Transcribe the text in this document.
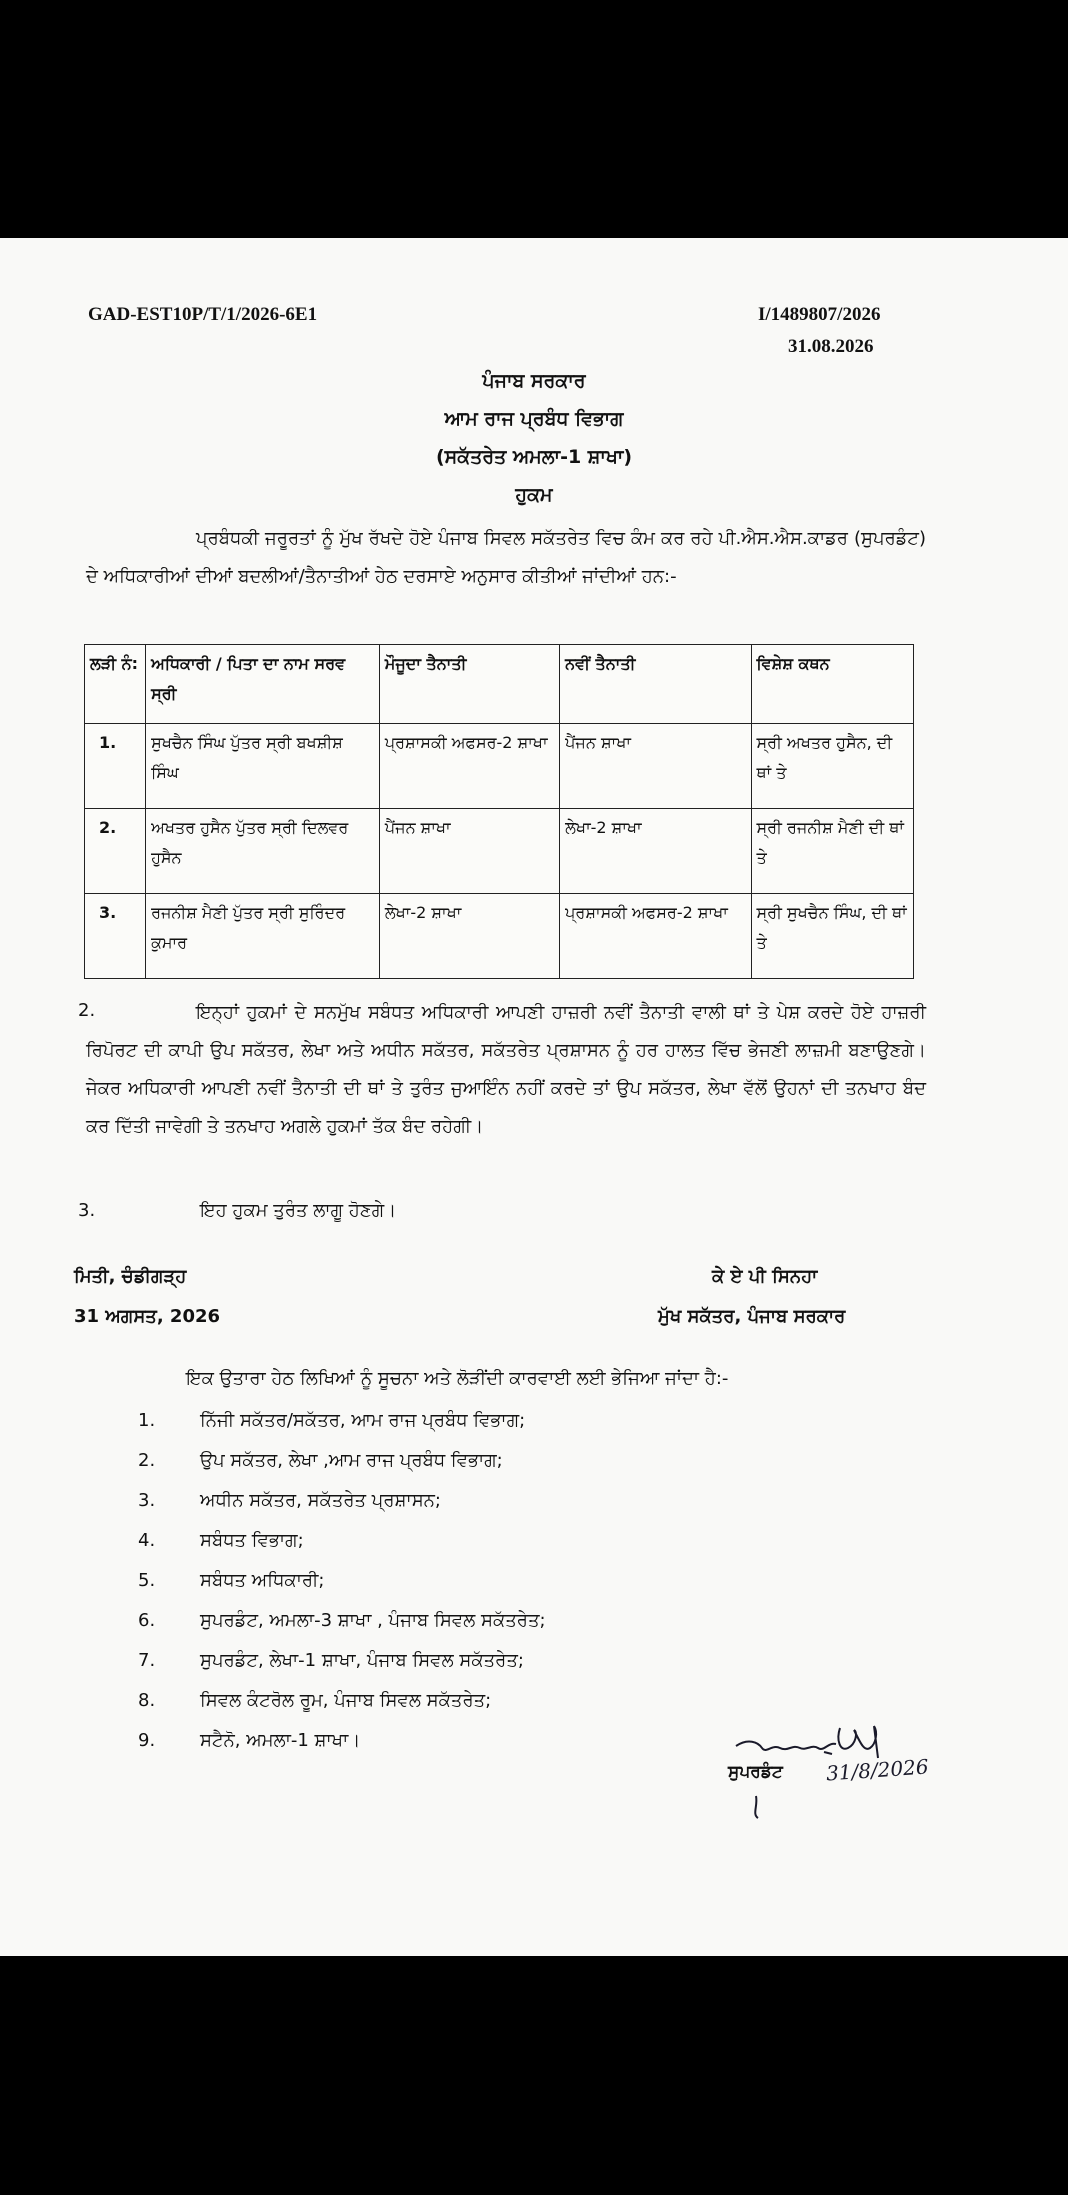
GAD-EST10P/T/1/2026-6E1	I/1489807/2026
31.08.2026
ਪੰਜਾਬ ਸਰਕਾਰ
ਆਮ ਰਾਜ ਪ੍ਰਬੰਧ ਵਿਭਾਗ
(ਸਕੱਤਰੇਤ ਅਮਲਾ-1 ਸ਼ਾਖਾ)
ਹੁਕਮ
ਪ੍ਰਬੰਧਕੀ ਜਰੂਰਤਾਂ ਨੂੰ ਮੁੱਖ ਰੱਖਦੇ ਹੋਏ ਪੰਜਾਬ ਸਿਵਲ ਸਕੱਤਰੇਤ ਵਿਚ ਕੰਮ ਕਰ ਰਹੇ ਪੀ.ਐਸ.ਐਸ.ਕਾਡਰ (ਸੁਪਰਡੰਟ) ਦੇ ਅਧਿਕਾਰੀਆਂ ਦੀਆਂ ਬਦਲੀਆਂ/ਤੈਨਾਤੀਆਂ ਹੇਠ ਦਰਸਾਏ ਅਨੁਸਾਰ ਕੀਤੀਆਂ ਜਾਂਦੀਆਂ ਹਨ:-
ਲੜੀ ਨੰ:	ਅਧਿਕਾਰੀ / ਪਿਤਾ ਦਾ ਨਾਮ ਸਰਵ ਸ੍ਰੀ	ਮੌਜੂਦਾ ਤੈਨਾਤੀ	ਨਵੀਂ ਤੈਨਾਤੀ	ਵਿਸ਼ੇਸ਼ ਕਥਨ
1.	ਸੁਖਚੈਨ ਸਿੰਘ ਪੁੱਤਰ ਸ੍ਰੀ ਬਖਸ਼ੀਸ਼ ਸਿੰਘ	ਪ੍ਰਸ਼ਾਸਕੀ ਅਫਸਰ-2 ਸ਼ਾਖਾ	ਪੈਂਜਨ ਸ਼ਾਖਾ	ਸ੍ਰੀ ਅਖਤਰ ਹੁਸੈਨ, ਦੀ ਥਾਂ ਤੇ
2.	ਅਖਤਰ ਹੁਸੈਨ ਪੁੱਤਰ ਸ੍ਰੀ ਦਿਲਵਰ ਹੁਸੈਨ	ਪੈਂਜਨ ਸ਼ਾਖਾ	ਲੇਖਾ-2 ਸ਼ਾਖਾ	ਸ੍ਰੀ ਰਜਨੀਸ਼ ਮੈਣੀ ਦੀ ਥਾਂ ਤੇ
3.	ਰਜਨੀਸ਼ ਮੈਣੀ ਪੁੱਤਰ ਸ੍ਰੀ ਸੁਰਿੰਦਰ ਕੁਮਾਰ	ਲੇਖਾ-2 ਸ਼ਾਖਾ	ਪ੍ਰਸ਼ਾਸਕੀ ਅਫਸਰ-2 ਸ਼ਾਖਾ	ਸ੍ਰੀ ਸੁਖਚੈਨ ਸਿੰਘ, ਦੀ ਥਾਂ ਤੇ
2.	ਇਨ੍ਹਾਂ ਹੁਕਮਾਂ ਦੇ ਸਨਮੁੱਖ ਸਬੰਧਤ ਅਧਿਕਾਰੀ ਆਪਣੀ ਹਾਜ਼ਰੀ ਨਵੀਂ ਤੈਨਾਤੀ ਵਾਲੀ ਥਾਂ ਤੇ ਪੇਸ਼ ਕਰਦੇ ਹੋਏ ਹਾਜ਼ਰੀ ਰਿਪੋਰਟ ਦੀ ਕਾਪੀ ਉਪ ਸਕੱਤਰ, ਲੇਖਾ ਅਤੇ ਅਧੀਨ ਸਕੱਤਰ, ਸਕੱਤਰੇਤ ਪ੍ਰਸ਼ਾਸਨ ਨੂੰ ਹਰ ਹਾਲਤ ਵਿੱਚ ਭੇਜਣੀ ਲਾਜ਼ਮੀ ਬਣਾਉਣਗੇ। ਜੇਕਰ ਅਧਿਕਾਰੀ ਆਪਣੀ ਨਵੀਂ ਤੈਨਾਤੀ ਦੀ ਥਾਂ ਤੇ ਤੁਰੰਤ ਜੁਆਇੰਨ ਨਹੀਂ ਕਰਦੇ ਤਾਂ ਉਪ ਸਕੱਤਰ, ਲੇਖਾ ਵੱਲੋਂ ਉਹਨਾਂ ਦੀ ਤਨਖਾਹ ਬੰਦ ਕਰ ਦਿੱਤੀ ਜਾਵੇਗੀ ਤੇ ਤਨਖਾਹ ਅਗਲੇ ਹੁਕਮਾਂ ਤੱਕ ਬੰਦ ਰਹੇਗੀ।
3.	ਇਹ ਹੁਕਮ ਤੁਰੰਤ ਲਾਗੂ ਹੋਣਗੇ।
ਮਿਤੀ, ਚੰਡੀਗੜ੍ਹ
31 ਅਗਸਤ, 2026
ਕੇ ਏ ਪੀ ਸਿਨਹਾ
ਮੁੱਖ ਸਕੱਤਰ, ਪੰਜਾਬ ਸਰਕਾਰ
ਇਕ ਉਤਾਰਾ ਹੇਠ ਲਿਖਿਆਂ ਨੂੰ ਸੂਚਨਾ ਅਤੇ ਲੋੜੀਂਦੀ ਕਾਰਵਾਈ ਲਈ ਭੇਜਿਆ ਜਾਂਦਾ ਹੈ:-
1. ਨਿੱਜੀ ਸਕੱਤਰ/ਸਕੱਤਰ, ਆਮ ਰਾਜ ਪ੍ਰਬੰਧ ਵਿਭਾਗ;
2. ਉਪ ਸਕੱਤਰ, ਲੇਖਾ ,ਆਮ ਰਾਜ ਪ੍ਰਬੰਧ ਵਿਭਾਗ;
3. ਅਧੀਨ ਸਕੱਤਰ, ਸਕੱਤਰੇਤ ਪ੍ਰਸ਼ਾਸਨ;
4. ਸਬੰਧਤ ਵਿਭਾਗ;
5. ਸਬੰਧਤ ਅਧਿਕਾਰੀ;
6. ਸੁਪਰਡੰਟ, ਅਮਲਾ-3 ਸ਼ਾਖਾ , ਪੰਜਾਬ ਸਿਵਲ ਸਕੱਤਰੇਤ;
7. ਸੁਪਰਡੰਟ, ਲੇਖਾ-1 ਸ਼ਾਖਾ, ਪੰਜਾਬ ਸਿਵਲ ਸਕੱਤਰੇਤ;
8. ਸਿਵਲ ਕੰਟਰੋਲ ਰੂਮ, ਪੰਜਾਬ ਸਿਵਲ ਸਕੱਤਰੇਤ;
9. ਸਟੈਨੋ, ਅਮਲਾ-1 ਸ਼ਾਖਾ।
ਸੁਪਰਡੰਟ 31/8/2026
